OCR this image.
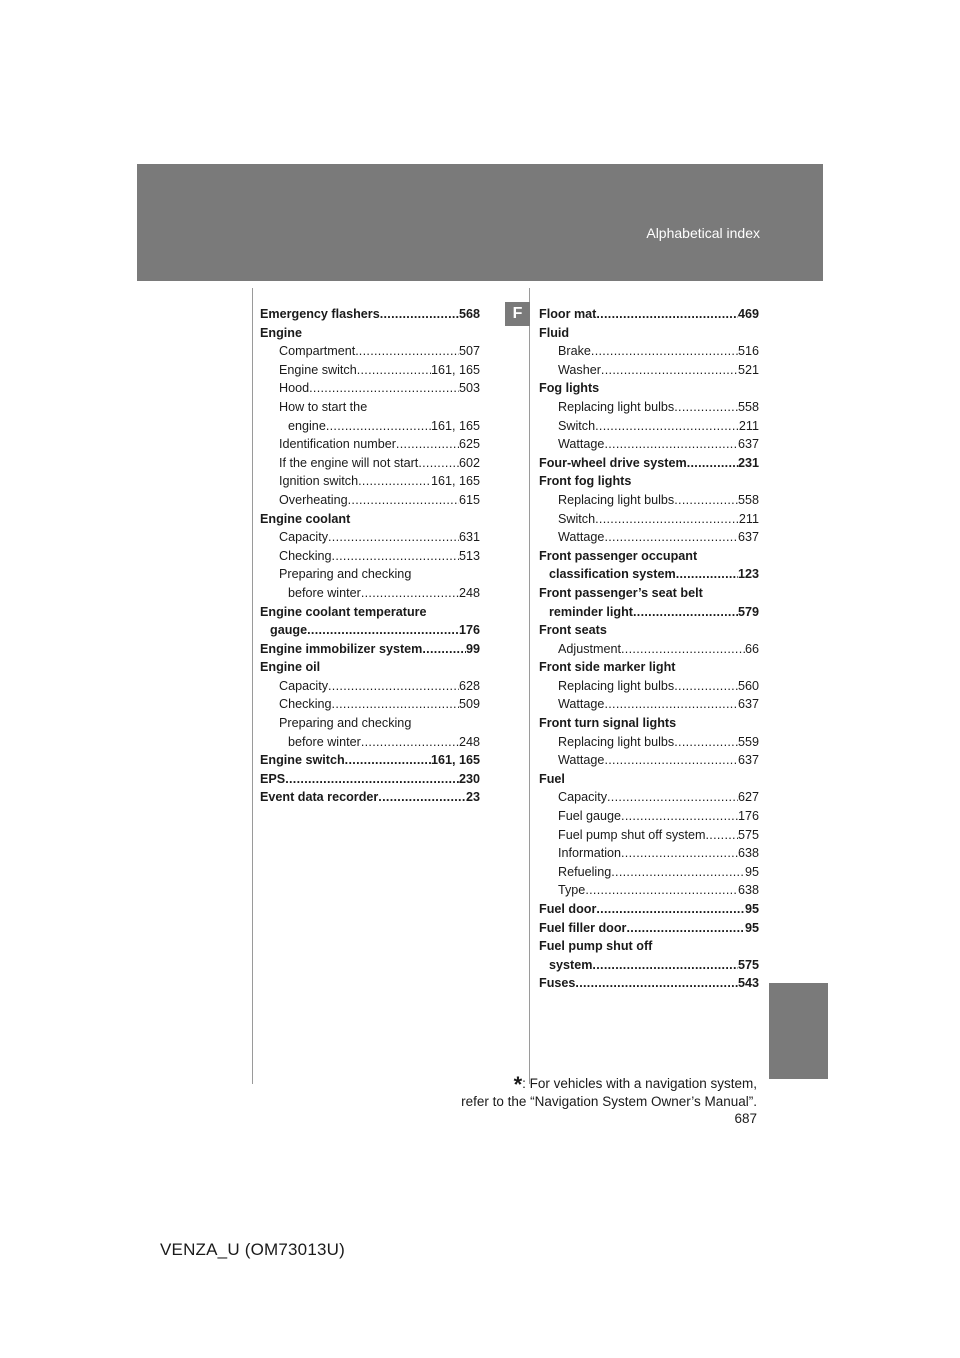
Alphabetical index
F
Emergency flashers . . .	568
Engine
Compartment. . . .	507
Engine switch . . .	161, 165
Hood . . .	503
How to start the
engine . . .	161, 165
Identification number . . .	625
If the engine will not start . . .	602
Ignition switch . . .	161, 165
Overheating . . .	615
Engine coolant
Capacity . . .	631
Checking . . .	513
Preparing and checking
before winter . . .	248
Engine coolant temperature
gauge . . .	176
Engine immobilizer system . . .	99
Engine oil
Capacity . . .	628
Checking . . .	509
Preparing and checking
before winter . . .	248
Engine switch . . .	161, 165
EPS . . .	230
Event data recorder . . .	23
Floor mat . . .	469
Fluid
Brake . . .	516
Washer . . .	521
Fog lights
Replacing light bulbs . . .	558
Switch . . .	211
Wattage . . .	637
Four-wheel drive system . . .	231
Front fog lights
Replacing light bulbs . . .	558
Switch . . .	211
Wattage . . .	637
Front passenger occupant
classification system . . .	123
Front passenger’s seat belt
reminder light . . .	579
Front seats
Adjustment . . .	66
Front side marker light
Replacing light bulbs . . .	560
Wattage . . .	637
Front turn signal lights
Replacing light bulbs . . .	559
Wattage . . .	637
Fuel
Capacity . . .	627
Fuel gauge . . .	176
Fuel pump shut off system . . .	575
Information . . .	638
Refueling . . .	95
Type . . .	638
Fuel door . . .	95
Fuel filler door . . .	95
Fuel pump shut off
system . . .	575
Fuses . . .	543
*: For vehicles with a navigation system,
refer to the “Navigation System Owner’s Manual”.
687
VENZA_U (OM73013U)
